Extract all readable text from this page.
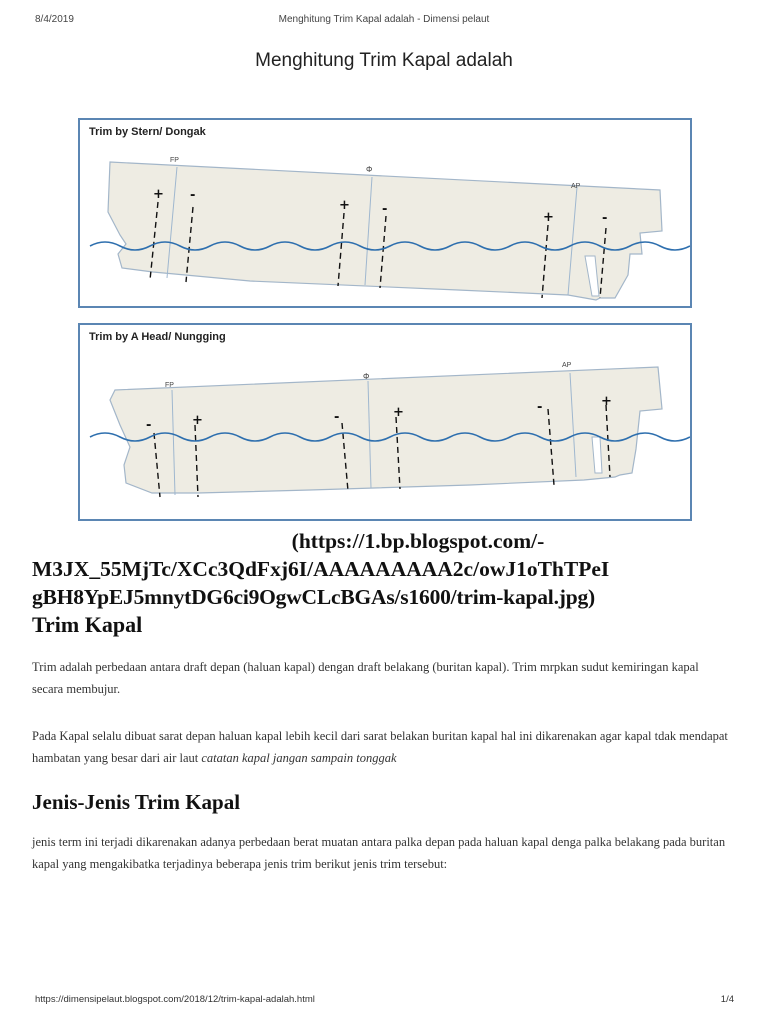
8/4/2019	Menghitung Trim Kapal adalah - Dimensi pelaut
Menghitung Trim Kapal adalah
FP
Φ
AP
+ -
+ -
+	-
Trim by Stern/ Dongak
FP
Φ
AP
-	+	-	+	-	+
Trim by A Head/ Nungging
(https://1.bp.blogspot.com/-
M3JX_55MjTc/XCc3QdFxj6I/AAAAAAAAA2c/owJ1oThTPeI
gBH8YpEJ5mnytDG6ci9OgwCLcBGAs/s1600/trim-kapal.jpg)
Trim Kapal

Trim adalah perbedaan antara draft depan (haluan kapal) dengan draft belakang (buritan kapal). Trim mrpkan sudut kemiringan kapal secara membujur.

Pada Kapal selalu dibuat sarat depan haluan kapal lebih kecil dari sarat belakan buritan kapal hal ini dikarenakan agar kapal tdak mendapat hambatan yang besar dari air laut catatan kapal jangan sampain tonggak

Jenis-Jenis Trim Kapal

jenis term ini terjadi dikarenakan adanya perbedaan berat muatan antara palka depan pada haluan kapal denga palka belakang pada buritan kapal yang mengakibatka terjadinya beberapa jenis trim berikut jenis trim tersebut:

https://dimensipelaut.blogspot.com/2018/12/trim-kapal-adalah.html	1/4
